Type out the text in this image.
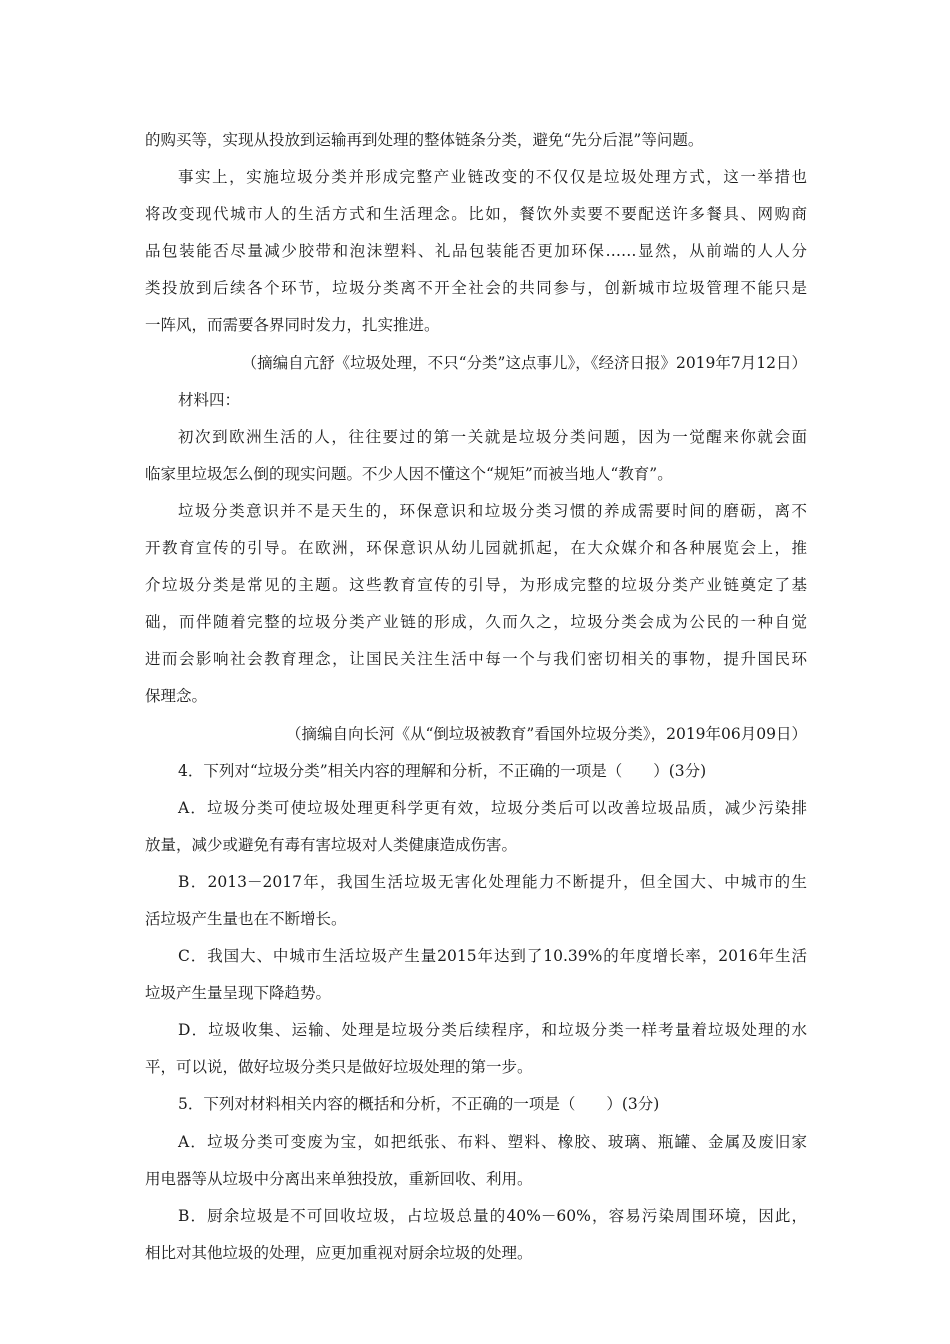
的购买等，实现从投放到运输再到处理的整体链条分类，避免“先分后混”等问题。

事实上，实施垃圾分类并形成完整产业链改变的不仅仅是垃圾处理方式，这一举措也

将改变现代城市人的生活方式和生活理念。比如，餐饮外卖要不要配送许多餐具、网购商

品包装能否尽量减少胶带和泡沫塑料、礼品包装能否更加环保……显然，从前端的人人分

类投放到后续各个环节，垃圾分类离不开全社会的共同参与，创新城市垃圾管理不能只是

一阵风，而需要各界同时发力，扎实推进。

（摘编自亢舒《垃圾处理，不只“分类”这点事儿》，《经济日报》2019年7月12日）

材料四：

初次到欧洲生活的人，往往要过的第一关就是垃圾分类问题，因为一觉醒来你就会面

临家里垃圾怎么倒的现实问题。不少人因不懂这个“规矩”而被当地人“教育”。

垃圾分类意识并不是天生的，环保意识和垃圾分类习惯的养成需要时间的磨砺，离不

开教育宣传的引导。在欧洲，环保意识从幼儿园就抓起，在大众媒介和各种展览会上，推

介垃圾分类是常见的主题。这些教育宣传的引导，为形成完整的垃圾分类产业链奠定了基

础，而伴随着完整的垃圾分类产业链的形成，久而久之，垃圾分类会成为公民的一种自觉

进而会影响社会教育理念，让国民关注生活中每一个与我们密切相关的事物，提升国民环

保理念。

（摘编自向长河《从“倒垃圾被教育”看国外垃圾分类》，2019年06月09日）

4．下列对“垃圾分类”相关内容的理解和分析，不正确的一项是（　　）(3分)

A．垃圾分类可使垃圾处理更科学更有效，垃圾分类后可以改善垃圾品质，减少污染排

放量，减少或避免有毒有害垃圾对人类健康造成伤害。

B．2013－2017年，我国生活垃圾无害化处理能力不断提升，但全国大、中城市的生

活垃圾产生量也在不断增长。

C．我国大、中城市生活垃圾产生量2015年达到了10.39%的年度增长率，2016年生活

垃圾产生量呈现下降趋势。

D．垃圾收集、运输、处理是垃圾分类后续程序，和垃圾分类一样考量着垃圾处理的水

平，可以说，做好垃圾分类只是做好垃圾处理的第一步。

5．下列对材料相关内容的概括和分析，不正确的一项是（　　）(3分)

A．垃圾分类可变废为宝，如把纸张、布料、塑料、橡胶、玻璃、瓶罐、金属及废旧家

用电器等从垃圾中分离出来单独投放，重新回收、利用。

B．厨余垃圾是不可回收垃圾，占垃圾总量的40%－60%，容易污染周围环境，因此，

相比对其他垃圾的处理，应更加重视对厨余垃圾的处理。
